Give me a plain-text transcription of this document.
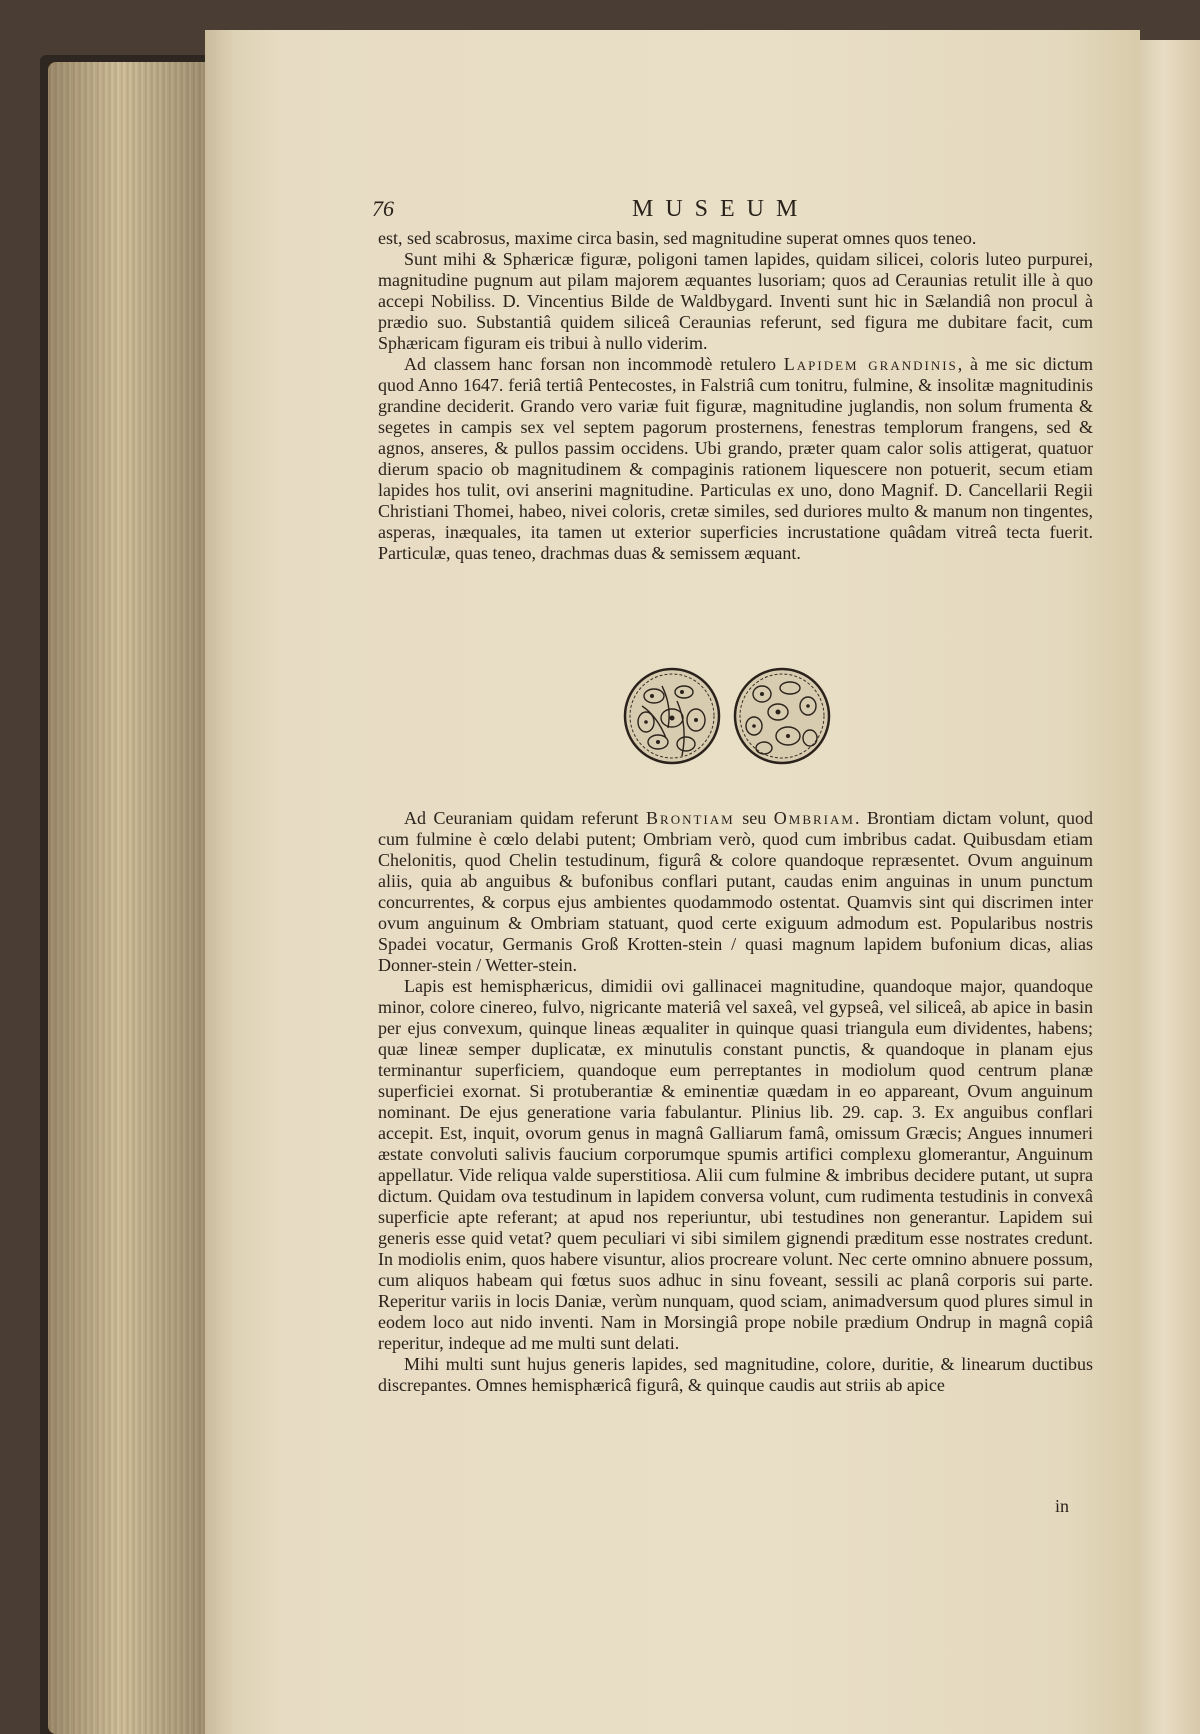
76	MUSEUM

est, sed scabrosus, maxime circa basin, sed magnitudine superat omnes quos teneo.

Sunt mihi & Sphæricæ figuræ, poligoni tamen lapides, quidam silicei, coloris luteo purpurei, magnitudine pugnum aut pilam majorem æquantes lusoriam; quos ad Ceraunias retulit ille à quo accepi Nobiliss. D. Vincentius Bilde de Waldbygard. Inventi sunt hic in Sælandiâ non procul à prædio suo. Substantiâ quidem siliceâ Ceraunias referunt, sed figura me dubitare facit, cum Sphæricam figuram eis tribui à nullo viderim.

Ad classem hanc forsan non incommodè retulero Lapidem grandinis, à me sic dictum quod Anno 1647. feriâ tertiâ Pentecostes, in Falstriâ cum tonitru, fulmine, & insolitæ magnitudinis grandine deciderit. Grando vero variæ fuit figuræ, magnitudine juglandis, non solum frumenta & segetes in campis sex vel septem pagorum prosternens, fenestras templorum frangens, sed & agnos, anseres, & pullos passim occidens. Ubi grando, præter quam calor solis attigerat, quatuor dierum spacio ob magnitudinem & compaginis rationem liquescere non potuerit, secum etiam lapides hos tulit, ovi anserini magnitudine. Particulas ex uno, dono Magnif. D. Cancellarii Regii Christiani Thomei, habeo, nivei coloris, cretæ similes, sed duriores multo & manum non tingentes, asperas, inæquales, ita tamen ut exterior superficies incrustatione quâdam vitreâ tecta fuerit. Particulæ, quas teneo, drachmas duas & semissem æquant.

Ad Ceuraniam quidam referunt Brontiam seu Ombriam. Brontiam dictam volunt, quod cum fulmine è cœlo delabi putent; Ombriam verò, quod cum imbribus cadat. Quibusdam etiam Chelonitis, quod Chelin testudinum, figurâ & colore quandoque repræsentet. Ovum anguinum aliis, quia ab anguibus & bufonibus conflari putant, caudas enim anguinas in unum punctum concurrentes, & corpus ejus ambientes quodammodo ostentat. Quamvis sint qui discrimen inter ovum anguinum & Ombriam statuant, quod certe exiguum admodum est. Popularibus nostris Spadei vocatur, Germanis Groß Krotten-stein / quasi magnum lapidem bufonium dicas, alias Donner-stein / Wetter-stein.

Lapis est hemisphæricus, dimidii ovi gallinacei magnitudine, quandoque major, quandoque minor, colore cinereo, fulvo, nigricante materiâ vel saxeâ, vel gypseâ, vel siliceâ, ab apice in basin per ejus convexum, quinque lineas æqualiter in quinque quasi triangula eum dividentes, habens; quæ lineæ semper duplicatæ, ex minutulis constant punctis, & quandoque in planam ejus terminantur superficiem, quandoque eum perreptantes in modiolum quod centrum planæ superficiei exornat. Si protuberantiæ & eminentiæ quædam in eo appareant, Ovum anguinum nominant. De ejus generatione varia fabulantur. Plinius lib. 29. cap. 3. Ex anguibus conflari accepit. Est, inquit, ovorum genus in magnâ Galliarum famâ, omissum Græcis; Angues innumeri æstate convoluti salivis faucium corporumque spumis artifici complexu glomerantur, Anguinum appellatur. Vide reliqua valde superstitiosa. Alii cum fulmine & imbribus decidere putant, ut supra dictum. Quidam ova testudinum in lapidem conversa volunt, cum rudimenta testudinis in convexâ superficie apte referant; at apud nos reperiuntur, ubi testudines non generantur. Lapidem sui generis esse quid vetat? quem peculiari vi sibi similem gignendi præditum esse nostrates credunt. In modiolis enim, quos habere visuntur, alios procreare volunt. Nec certe omnino abnuere possum, cum aliquos habeam qui fœtus suos adhuc in sinu foveant, sessili ac planâ corporis sui parte. Reperitur variis in locis Daniæ, verùm nunquam, quod sciam, animadversum quod plures simul in eodem loco aut nido inventi. Nam in Morsingiâ prope nobile prædium Ondrup in magnâ copiâ reperitur, indeque ad me multi sunt delati.

Mihi multi sunt hujus generis lapides, sed magnitudine, colore, duritie, & linearum ductibus discrepantes. Omnes hemisphæricâ figurâ, & quinque caudis aut striis ab apice

in
